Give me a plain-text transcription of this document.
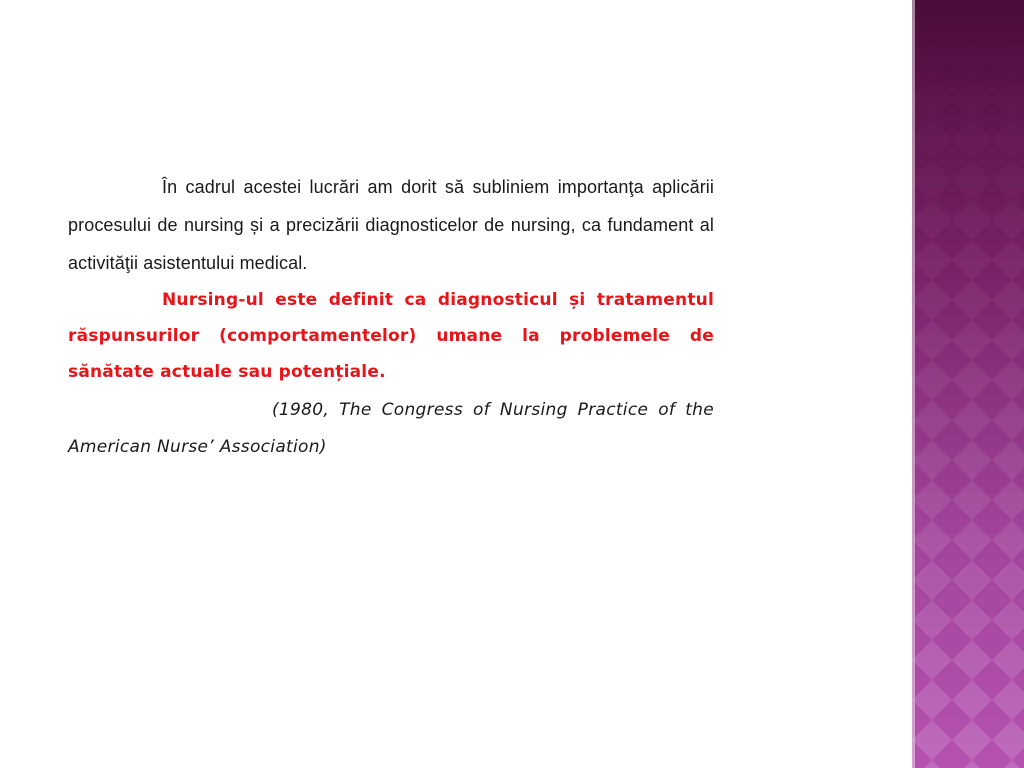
În cadrul acestei lucrări am dorit să subliniem importanţa aplicării procesului de nursing și a precizării diagnosticelor de nursing, ca fundament al activităţii asistentului medical.

Nursing-ul este definit ca diagnosticul și tratamentul răspunsurilor (comportamentelor) umane la problemele de sănătate actuale sau potențiale.

(1980, The Congress of Nursing Practice of the American Nurse’ Association)
